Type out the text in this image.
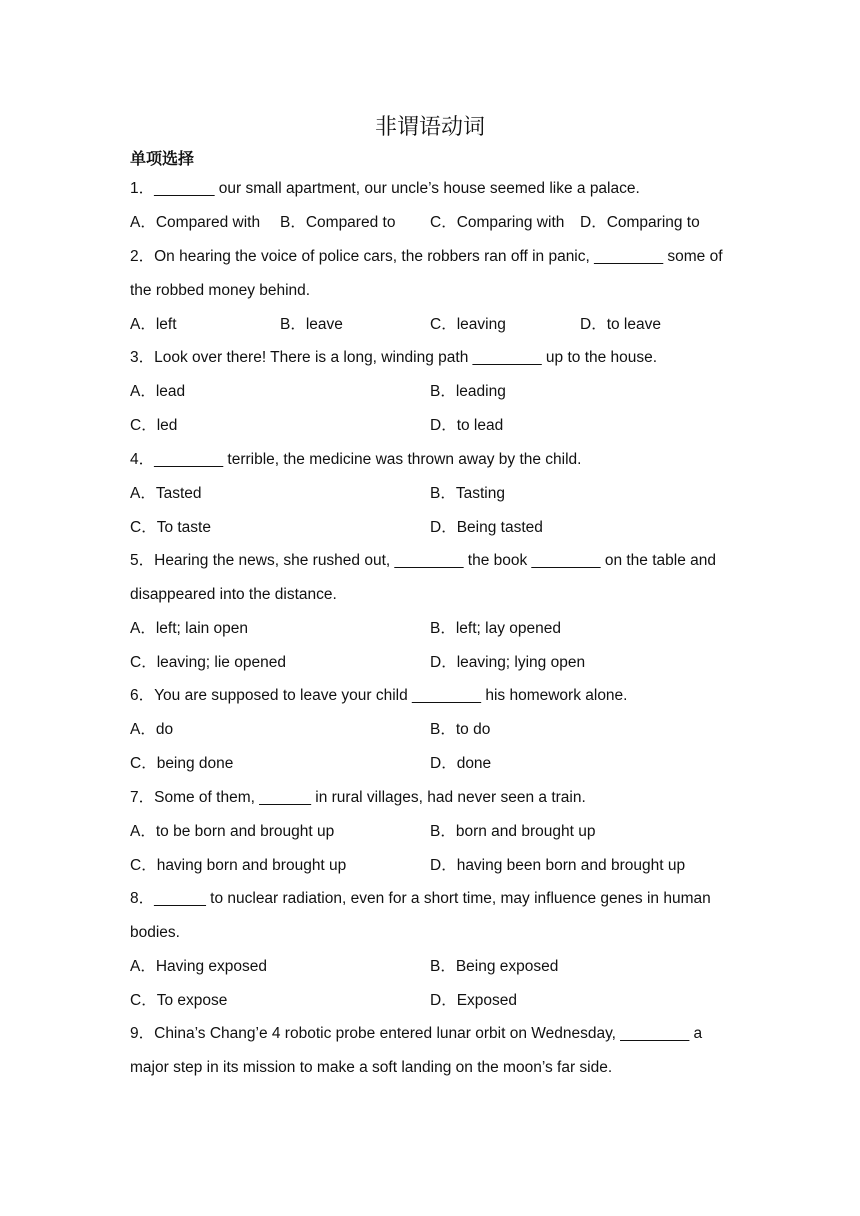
非谓语动词
单项选择
1．_______ our small apartment, our uncle’s house seemed like a palace.
A．Compared with B．Compared to C．Comparing with D．Comparing to
2．On hearing the voice of police cars, the robbers ran off in panic, ________ some of
the robbed money behind.
A．left	B．leave	C．leaving	D．to leave
3．Look over there! There is a long, winding path ________ up to the house.
A．lead	B．leading
C．led	D．to lead
4．________ terrible, the medicine was thrown away by the child.
A．Tasted	B．Tasting
C．To taste	D．Being tasted
5．Hearing the news, she rushed out, ________ the book ________ on the table and
disappeared into the distance.
A．left; lain open	B．left; lay opened
C．leaving; lie opened	D．leaving; lying open
6．You are supposed to leave your child ________ his homework alone.
A．do	B．to do
C．being done	D．done
7．Some of them, ______ in rural villages, had never seen a train.
A．to be born and brought up	B．born and brought up
C．having born and brought up	D．having been born and brought up
8．______ to nuclear radiation, even for a short time, may influence genes in human
bodies.
A．Having exposed	B．Being exposed
C．To expose	D．Exposed
9．China’s Chang’e 4 robotic probe entered lunar orbit on Wednesday, ________ a
major step in its mission to make a soft landing on the moon’s far side.
